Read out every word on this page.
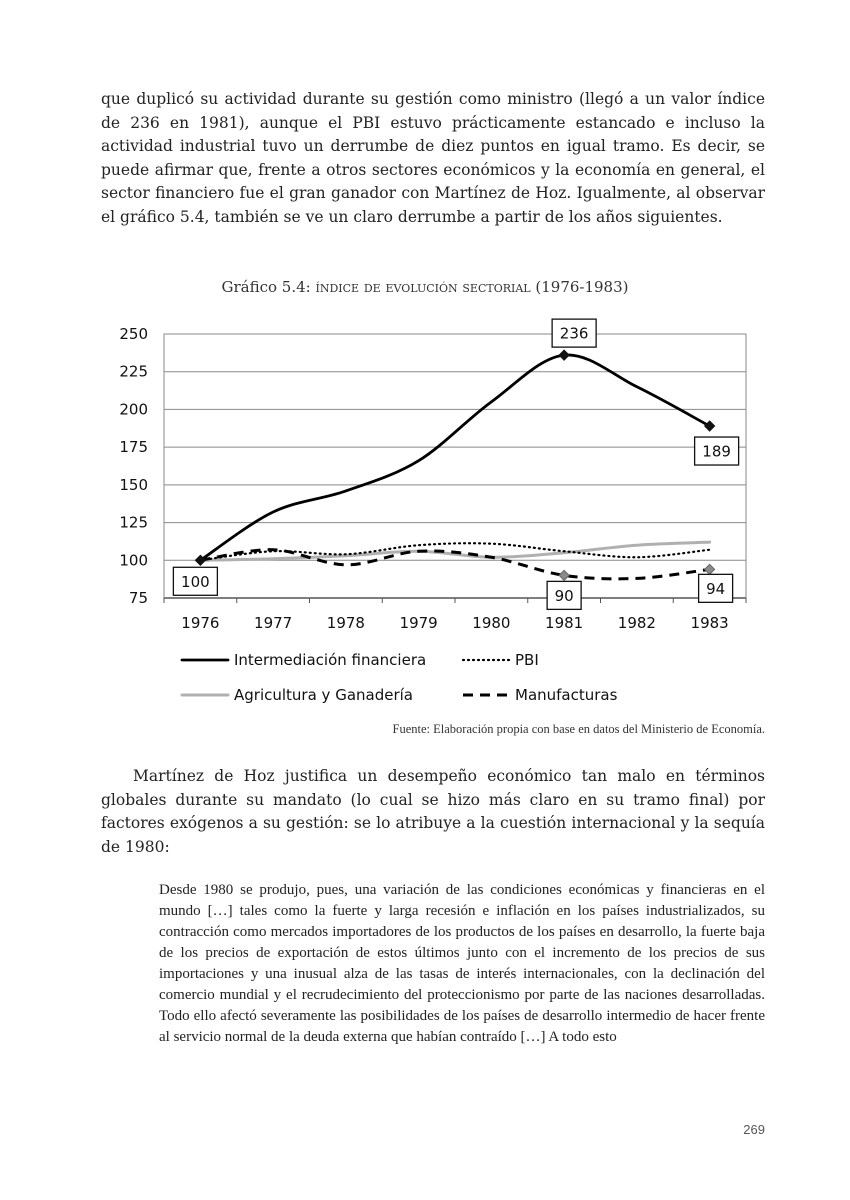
que duplicó su actividad durante su gestión como ministro (llegó a un valor índice de 236 en 1981), aunque el PBI estuvo prácticamente estancado e incluso la actividad industrial tuvo un derrumbe de diez puntos en igual tramo. Es decir, se puede afirmar que, frente a otros sectores económicos y la economía en general, el sector financiero fue el gran ganador con Martínez de Hoz. Igualmente, al observar el gráfico 5.4, también se ve un claro derrumbe a partir de los años siguientes.

Gráfico 5.4: índice de evolución sectorial (1976-1983)
75
100
125
150
175
200
225
250
1976 1977 1978 1979 1980 1981 1982 1983
100
236
189
90	94
Intermediación financiera	PBI
Agricultura y Ganadería	Manufacturas
Fuente: Elaboración propia con base en datos del Ministerio de Economía.

Martínez de Hoz justifica un desempeño económico tan malo en términos globales durante su mandato (lo cual se hizo más claro en su tramo final) por factores exógenos a su gestión: se lo atribuye a la cuestión internacional y la sequía de 1980:

Desde 1980 se produjo, pues, una variación de las condiciones económicas y financieras en el mundo […] tales como la fuerte y larga recesión e inflación en los países industrializados, su contracción como mercados importadores de los productos de los países en desarrollo, la fuerte baja de los precios de exportación de estos últimos junto con el incremento de los precios de sus importaciones y una inusual alza de las tasas de interés internacionales, con la declinación del comercio mundial y el recrudecimiento del proteccionismo por parte de las naciones desarrolladas. Todo ello afectó severamente las posibilidades de los países de desarrollo intermedio de hacer frente al servicio normal de la deuda externa que habían contraído […] A todo esto

269
